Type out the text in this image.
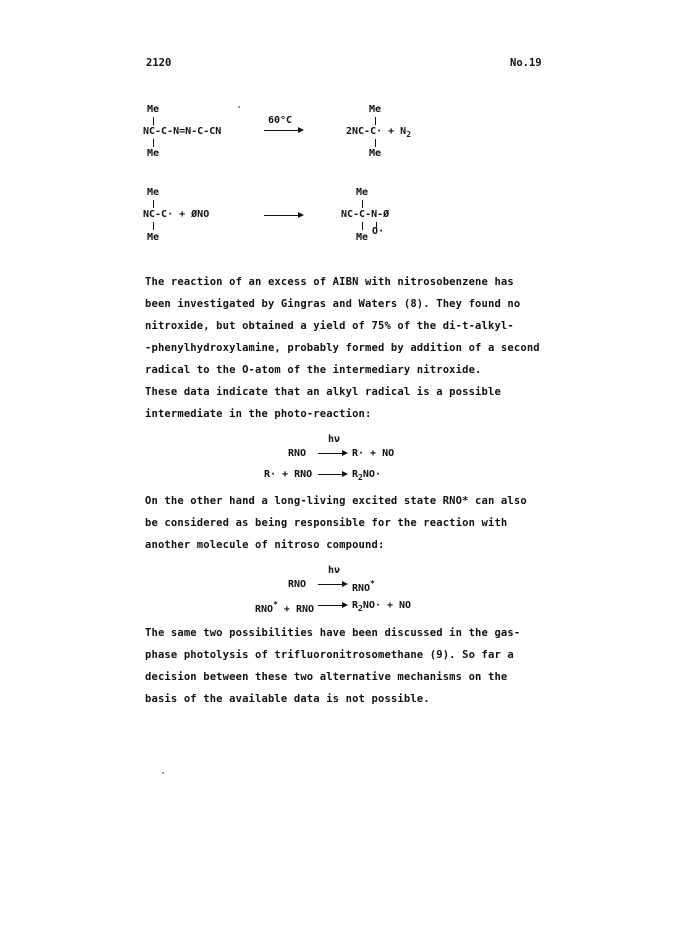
2120	No.19
Me
NC-C-N=N-C-CN
Me
60°C
Me
$2NC-C\cdot + N_2$
Me
Me
NC-C· + ØNO
Me
Me
NC-C-N-Ø
Me
O·
The reaction of an excess of AIBN with nitrosobenzene has
been investigated by Gingras and Waters (8). They found no
nitroxide, but obtained a yield of 75% of the di-t-alkyl-
-phenylhydroxylamine, probably formed by addition of a second
radical to the O-atom of the intermediary nitroxide.
These data indicate that an alkyl radical is a possible
intermediate in the photo-reaction:
hν
RNO → R· + NO
R· + RNO → $R_2NO\cdot$
On the other hand a long-living excited state RNO* can also
be considered as being responsible for the reaction with
another molecule of nitroso compound:
hν
RNO → RNO*
RNO* + RNO → $R_2NO\cdot$ + NO
The same two possibilities have been discussed in the gas-
phase photolysis of trifluoronitrosomethane (9). So far a
decision between these two alternative mechanisms on the
basis of the available data is not possible.
